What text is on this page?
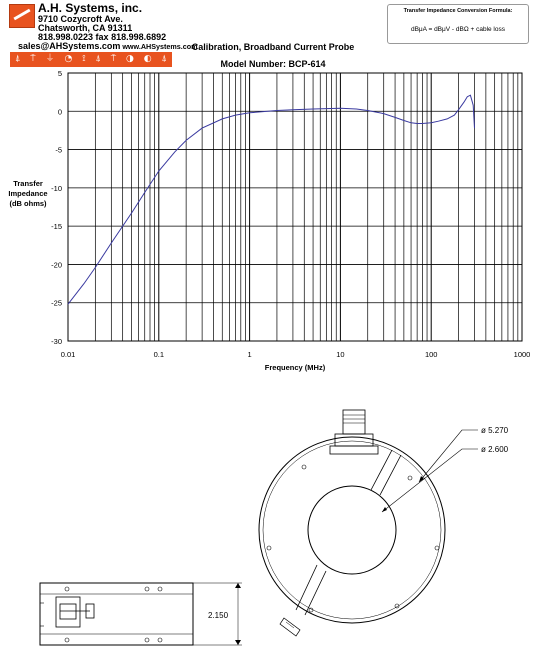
A.H. Systems, inc.
9710 Cozycroft Ave.
Chatsworth, CA 91311
818.998.0223 fax 818.998.6892
sales@AHSystems.com www.AHSystems.com
⍋ ⍑ ⏚ ◔ ⟟ ⍋ ⍑ ◑ ◐ ⍋
Transfer Impedance Conversion Formula:
dBμA = dBμV - dBΩ + cable loss
Calibration, Broadband Current Probe
Model Number: BCP-614
5
0
-5
-10
-15
-20
-25
-30
0.01	0.1	1	10	100	1000
Frequency (MHz)
Transfer
Impedance
(dB ohms)
2.150
ø 5.270
ø 2.600
